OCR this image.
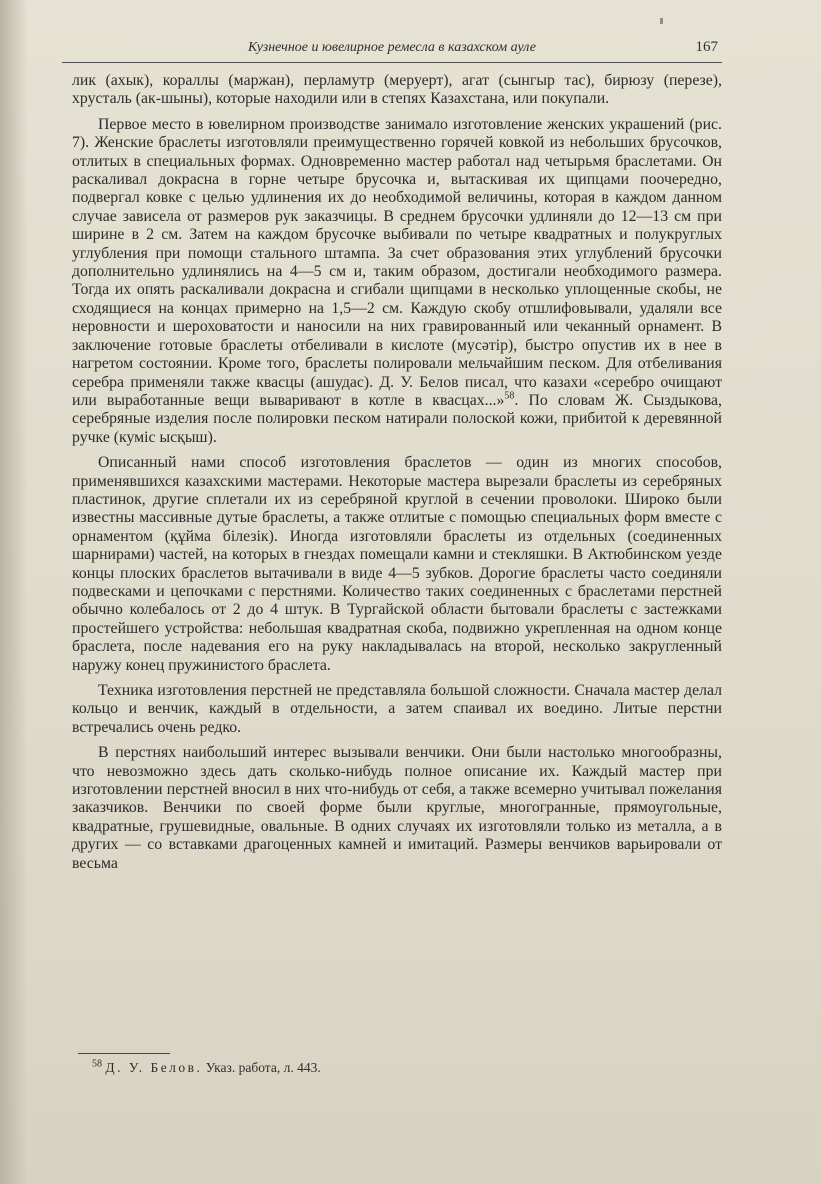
Кузнечное и ювелирное ремесла в казахском ауле	167

лик (ахык), кораллы (маржан), перламутр (меруерт), агат (сынгыр тас), бирюзу (перезе), хрусталь (ак-шыны), которые находили или в степях Казахстана, или покупали.

Первое место в ювелирном производстве занимало изготовление женских украшений (рис. 7). Женские браслеты изготовляли преимущественно горячей ковкой из небольших брусочков, отлитых в специальных формах. Одновременно мастер работал над четырьмя браслетами. Он раскаливал докрасна в горне четыре брусочка и, вытаскивая их щипцами поочередно, подвергал ковке с целью удлинения их до необходимой величины, которая в каждом данном случае зависела от размеров рук заказчицы. В среднем брусочки удлиняли до 12—13 см при ширине в 2 см. Затем на каждом брусочке выбивали по четыре квадратных и полукруглых углубления при помощи стального штампа. За счет образования этих углублений брусочки дополнительно удлинялись на 4—5 см и, таким образом, достигали необходимого размера. Тогда их опять раскаливали докрасна и сгибали щипцами в несколько уплощенные скобы, не сходящиеся на концах примерно на 1,5—2 см. Каждую скобу отшлифовывали, удаляли все неровности и шероховатости и наносили на них гравированный или чеканный орнамент. В заключение готовые браслеты отбеливали в кислоте (мусәтір), быстро опустив их в нее в нагретом состоянии. Кроме того, браслеты полировали мельчайшим песком. Для отбеливания серебра применяли также квасцы (ашудас). Д. У. Белов писал, что казахи «серебро очищают или выработанные вещи вываривают в котле в квасцах...»$^{58}$. По словам Ж. Сыздыкова, серебряные изделия после полировки песком натирали полоской кожи, прибитой к деревянной ручке (куміс ысқыш).

Описанный нами способ изготовления браслетов — один из многих способов, применявшихся казахскими мастерами. Некоторые мастера вырезали браслеты из серебряных пластинок, другие сплетали их из серебряной круглой в сечении проволоки. Широко были известны массивные дутые браслеты, а также отлитые с помощью специальных форм вместе с орнаментом (құйма білезік). Иногда изготовляли браслеты из отдельных (соединенных шарнирами) частей, на которых в гнездах помещали камни и стекляшки. В Актюбинском уезде концы плоских браслетов вытачивали в виде 4—5 зубков. Дорогие браслеты часто соединяли подвесками и цепочками с перстнями. Количество таких соединенных с браслетами перстней обычно колебалось от 2 до 4 штук. В Тургайской области бытовали браслеты с застежками простейшего устройства: небольшая квадратная скоба, подвижно укрепленная на одном конце браслета, после надевания его на руку накладывалась на второй, несколько закругленный наружу конец пружинистого браслета.

Техника изготовления перстней не представляла большой сложности. Сначала мастер делал кольцо и венчик, каждый в отдельности, а затем спаивал их воедино. Литые перстни встречались очень редко.

В перстнях наибольший интерес вызывали венчики. Они были настолько многообразны, что невозможно здесь дать сколько-нибудь полное описание их. Каждый мастер при изготовлении перстней вносил в них что-нибудь от себя, а также всемерно учитывал пожелания заказчиков. Венчики по своей форме были круглые, многогранные, прямоугольные, квадратные, грушевидные, овальные. В одних случаях их изготовляли только из металла, а в других — со вставками драгоценных камней и имитаций. Размеры венчиков варьировали от весьма

$^{58}$ Д. У. Белов. Указ. работа, л. 443.
